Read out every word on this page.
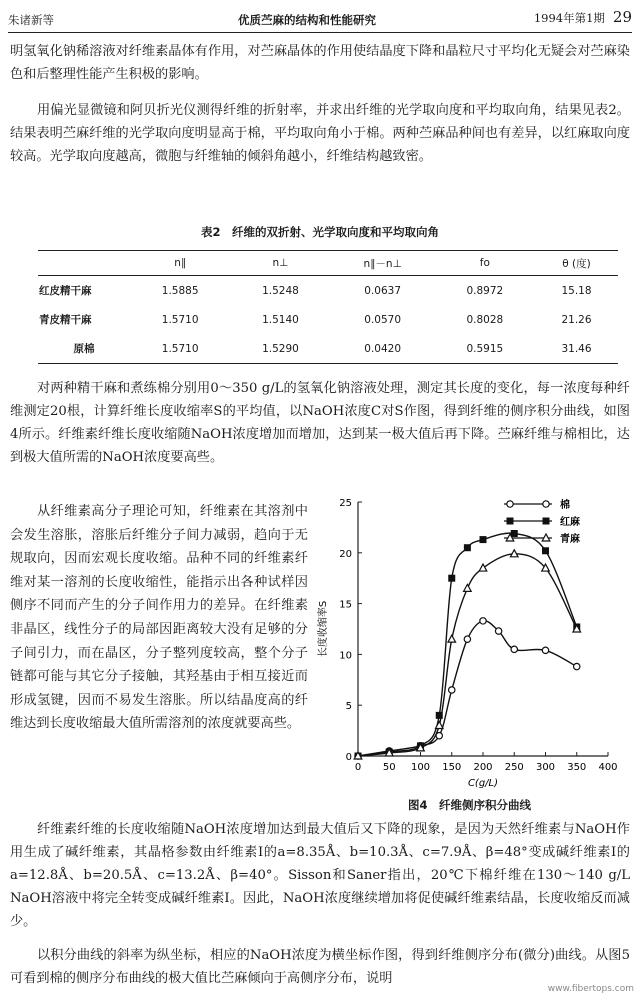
朱诸新等	优质苎麻的结构和性能研究	1994年第1期 29
明氢氧化钠稀溶液对纤维素晶体有作用，对苎麻晶体的作用使结晶度下降和晶粒尺寸平均化无疑会对苎麻染色和后整理性能产生积极的影响。
用偏光显微镜和阿贝折光仪测得纤维的折射率，并求出纤维的光学取向度和平均取向角，结果见表2。结果表明苎麻纤维的光学取向度明显高于棉，平均取向角小于棉。两种苎麻品种间也有差异，以红麻取向度较高。光学取向度越高，微胞与纤维轴的倾斜角越小，纤维结构越致密。
表2　纤维的双折射、光学取向度和平均取向角
	n∥	n⊥	n∥－n⊥	fo	θ (度)
红皮精干麻	1.5885	1.5248	0.0637	0.8972	15.18
青皮精干麻	1.5710	1.5140	0.0570	0.8028	21.26
原棉	1.5710	1.5290	0.0420	0.5915	31.46
对两种精干麻和煮练棉分别用0～350 g/L的氢氧化钠溶液处理，测定其长度的变化，每一浓度每种纤维测定20根，计算纤维长度收缩率S的平均值，以NaOH浓度C对S作图，得到纤维的侧序积分曲线，如图4所示。纤维素纤维长度收缩随NaOH浓度增加而增加，达到某一极大值后再下降。苎麻纤维与棉相比，达到极大值所需的NaOH浓度要高些。
从纤维素高分子理论可知，纤维素在其溶剂中会发生溶胀，溶胀后纤维分子间力减弱，趋向于无规取向，因而宏观长度收缩。品种不同的纤维素纤维对某一溶剂的长度收缩性，能指示出各种试样因侧序不同而产生的分子间作用力的差异。在纤维素非晶区，线性分子的局部因距离较大没有足够的分子间引力，而在晶区，分子整列度较高，整个分子链都可能与其它分子接触，其羟基由于相互接近而形成氢键，因而不易发生溶胀。所以结晶度高的纤维达到长度收缩最大值所需溶剂的浓度就要高些。
0
5
10
15
20
25
0 50 100 150 200 250 300 350 400
C(g/L)
长度收缩率S
棉
红麻
青麻
图4　纤维侧序积分曲线
纤维素纤维的长度收缩随NaOH浓度增加达到最大值后又下降的现象，是因为天然纤维素与NaOH作用生成了碱纤维素，其晶格参数由纤维素Ⅰ的a=8.35Å、b=10.3Å、c=7.9Å、β=48°变成碱纤维素Ⅰ的a=12.8Å、b=20.5Å、c=13.2Å、β=40°。Sisson和Saner指出，20℃下棉纤维在130～140 g/L NaOH溶液中将完全转变成碱纤维素Ⅰ。因此，NaOH浓度继续增加将促使碱纤维素结晶，长度收缩反而减少。
以积分曲线的斜率为纵坐标，相应的NaOH浓度为横坐标作图，得到纤维侧序分布(微分)曲线。从图5可看到棉的侧序分布曲线的极大值比苎麻倾向于高侧序分布，说明
www.fibertops.com
